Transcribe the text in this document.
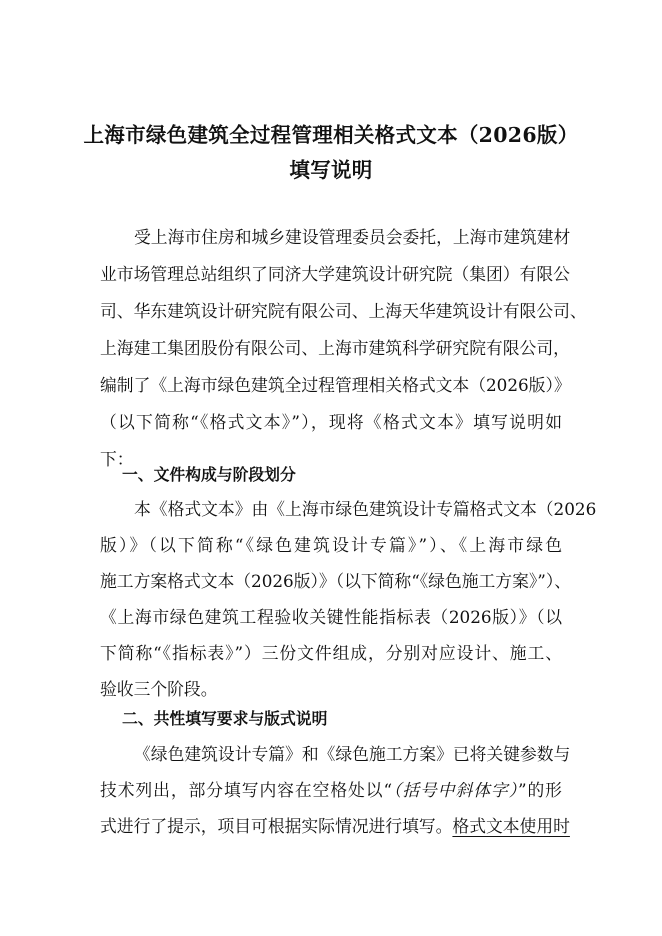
上海市绿色建筑全过程管理相关格式文本（2026版）
填写说明
受上海市住房和城乡建设管理委员会委托，上海市建筑建材
业市场管理总站组织了同济大学建筑设计研究院（集团）有限公
司、华东建筑设计研究院有限公司、上海天华建筑设计有限公司、
上海建工集团股份有限公司、上海市建筑科学研究院有限公司，
编制了《上海市绿色建筑全过程管理相关格式文本（2026版）》
（以下简称“《格式文本》”），现将《格式文本》填写说明如
下：
一、文件构成与阶段划分
本《格式文本》由《上海市绿色建筑设计专篇格式文本（2026
版）》（以下简称“《绿色建筑设计专篇》”）、《上海市绿色
施工方案格式文本（2026版）》（以下简称“《绿色施工方案》”）、
《上海市绿色建筑工程验收关键性能指标表（2026版）》（以
下简称“《指标表》”）三份文件组成，分别对应设计、施工、
验收三个阶段。
二、共性填写要求与版式说明
《绿色建筑设计专篇》和《绿色施工方案》已将关键参数与
技术列出，部分填写内容在空格处以“（括号中斜体字）”的形
式进行了提示，项目可根据实际情况进行填写。格式文本使用时
